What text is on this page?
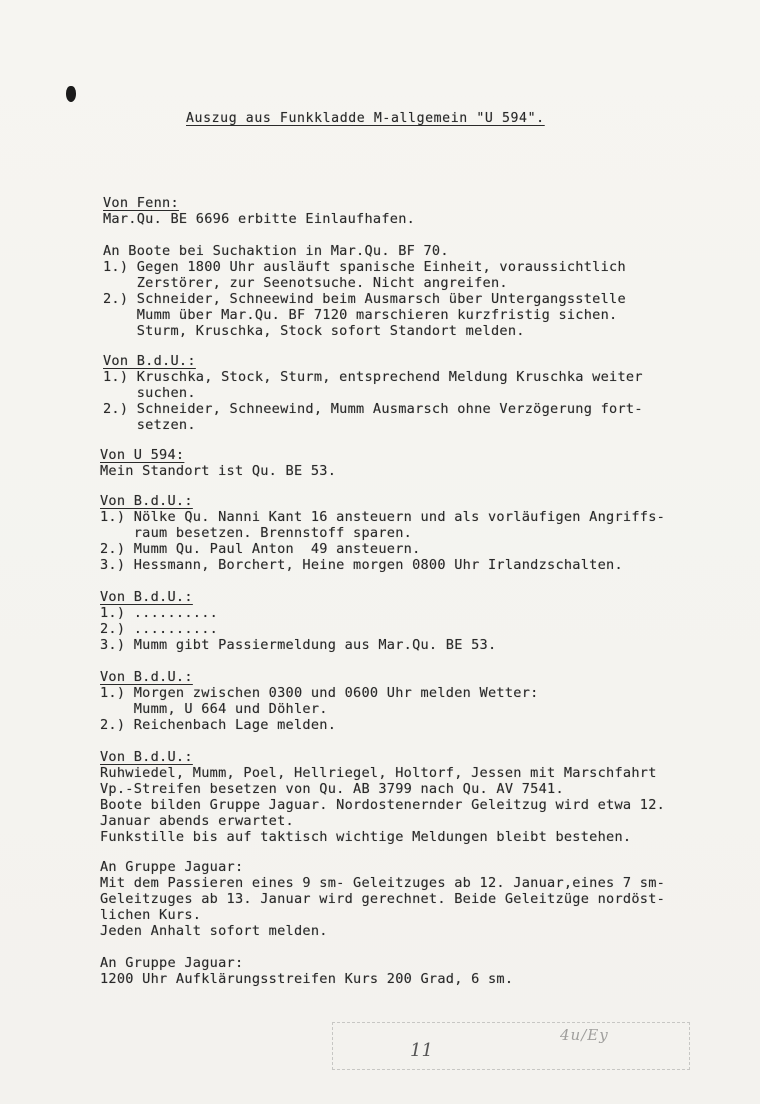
Auszug aus Funkkladde M-allgemein "U 594".
Von Fenn:
Mar.Qu. BE 6696 erbitte Einlaufhafen.
An Boote bei Suchaktion in Mar.Qu. BF 70.
1.) Gegen 1800 Uhr ausläuft spanische Einheit, voraussichtlich
Zerstörer, zur Seenotsuche. Nicht angreifen.
2.) Schneider, Schneewind beim Ausmarsch über Untergangsstelle
Mumm über Mar.Qu. BF 7120 marschieren kurzfristig sichen.
Sturm, Kruschka, Stock sofort Standort melden.
Von B.d.U.:
1.) Kruschka, Stock, Sturm, entsprechend Meldung Kruschka weiter
suchen.
2.) Schneider, Schneewind, Mumm Ausmarsch ohne Verzögerung fort-
setzen.
Von U 594:
Mein Standort ist Qu. BE 53.
Von B.d.U.:
1.) Nölke Qu. Nanni Kant 16 ansteuern und als vorläufigen Angriffs-
raum besetzen. Brennstoff sparen.
2.) Mumm Qu. Paul Anton  49 ansteuern.
3.) Hessmann, Borchert, Heine morgen 0800 Uhr Irlandzschalten.
Von B.d.U.:
1.) ..........
2.) ..........
3.) Mumm gibt Passiermeldung aus Mar.Qu. BE 53.
Von B.d.U.:
1.) Morgen zwischen 0300 und 0600 Uhr melden Wetter:
Mumm, U 664 und Döhler.
2.) Reichenbach Lage melden.
Von B.d.U.:
Ruhwiedel, Mumm, Poel, Hellriegel, Holtorf, Jessen mit Marschfahrt
Vp.-Streifen besetzen von Qu. AB 3799 nach Qu. AV 7541.
Boote bilden Gruppe Jaguar. Nordostenernder Geleitzug wird etwa 12.
Januar abends erwartet.
Funkstille bis auf taktisch wichtige Meldungen bleibt bestehen.
An Gruppe Jaguar:
Mit dem Passieren eines 9 sm- Geleitzuges ab 12. Januar,eines 7 sm-
Geleitzuges ab 13. Januar wird gerechnet. Beide Geleitzüge nordöst-
lichen Kurs.
Jeden Anhalt sofort melden.
An Gruppe Jaguar:
1200 Uhr Aufklärungsstreifen Kurs 200 Grad, 6 sm.
11
4u/Ey
